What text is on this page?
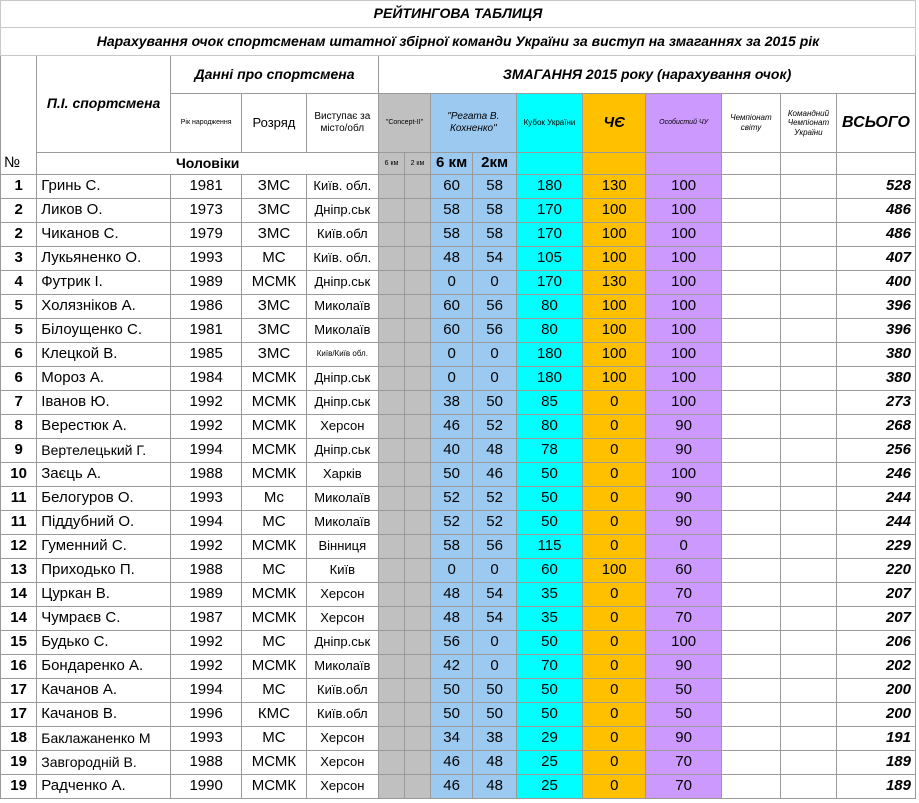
РЕЙТИНГОВА ТАБЛИЦЯ														
Нарахування очок спортсменам штатної збірної команди України за виступ на змаганнях за 2015 рік														
№	П.І. спортсмена	Данні про спортсмена			ЗМАГАННЯ 2015 року (нарахування очок)									
		Рік народження	Розряд	Виступає за місто/обл	"Concept-II"		"Регата В. Кохненко"		Кубок України	ЧЄ	Особистий ЧУ	Чемпіонат світу	Командний Чемпіонат України	ВСЬОГО
	Чоловіки				6 км	2 км	6 км	2км						
1	Гринь С.	1981	ЗМС	Київ. обл.			60	58	180	130	100			528
2	Ликов О.	1973	ЗМС	Дніпр.ськ			58	58	170	100	100			486
2	Чиканов С.	1979	ЗМС	Київ.обл			58	58	170	100	100			486
3	Лукьяненко О.	1993	МС	Київ. обл.			48	54	105	100	100			407
4	Футрик І.	1989	МСМК	Дніпр.ськ			0	0	170	130	100			400
5	Холязніков А.	1986	ЗМС	Миколаїв			60	56	80	100	100			396
5	Білоущенко С.	1981	ЗМС	Миколаїв			60	56	80	100	100			396
6	Клецкой В.	1985	ЗМС	Київ/Київ обл.			0	0	180	100	100			380
6	Мороз А.	1984	МСМК	Дніпр.ськ			0	0	180	100	100			380
7	Іванов Ю.	1992	МСМК	Дніпр.ськ			38	50	85	0	100			273
8	Верестюк А.	1992	МСМК	Херсон			46	52	80	0	90			268
9	Вертелецький Г.	1994	МСМК	Дніпр.ськ			40	48	78	0	90			256
10	Заєць А.	1988	МСМК	Харків			50	46	50	0	100			246
11	Белогуров О.	1993	Мс	Миколаїв			52	52	50	0	90			244
11	Піддубний О.	1994	МС	Миколаїв			52	52	50	0	90			244
12	Гуменний С.	1992	МСМК	Вінниця			58	56	115	0	0			229
13	Приходько П.	1988	МС	Київ			0	0	60	100	60			220
14	Цуркан В.	1989	МСМК	Херсон			48	54	35	0	70			207
14	Чумраєв С.	1987	МСМК	Херсон			48	54	35	0	70			207
15	Будько С.	1992	МС	Дніпр.ськ			56	0	50	0	100			206
16	Бондаренко А.	1992	МСМК	Миколаїв			42	0	70	0	90			202
17	Качанов А.	1994	МС	Київ.обл			50	50	50	0	50			200
17	Качанов В.	1996	КМС	Київ.обл			50	50	50	0	50			200
18	Баклажаненко М	1993	МС	Херсон			34	38	29	0	90			191
19	Завгородній В.	1988	МСМК	Херсон			46	48	25	0	70			189
19	Радченко А.	1990	МСМК	Херсон			46	48	25	0	70			189
